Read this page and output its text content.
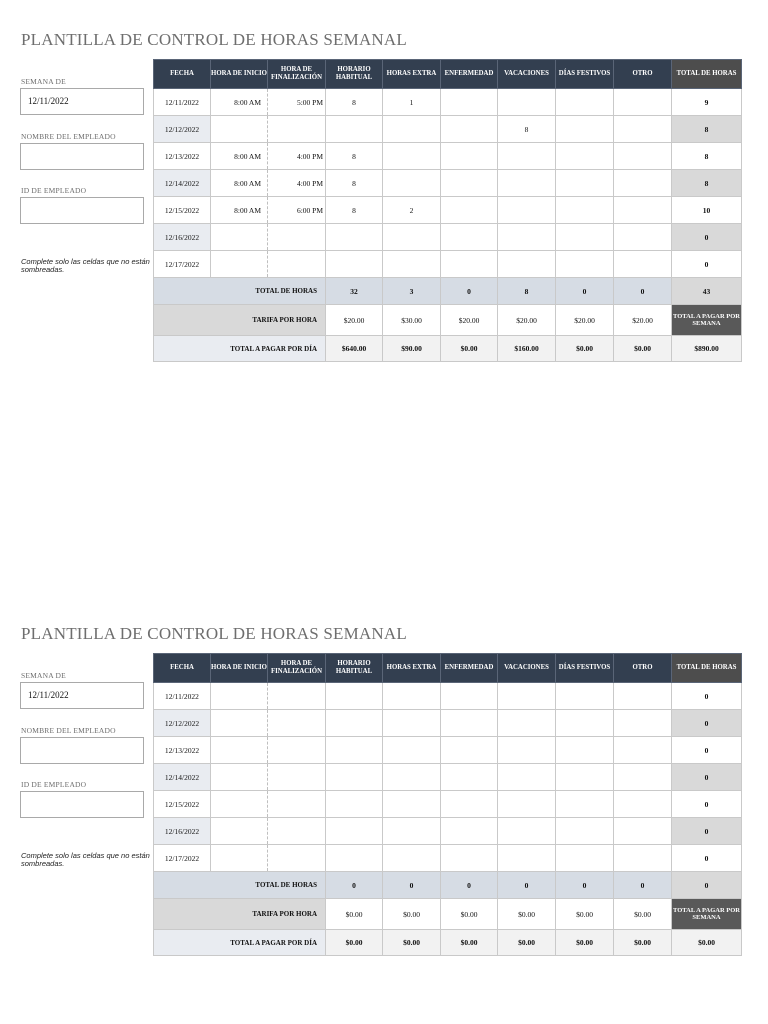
PLANTILLA DE CONTROL DE HORAS SEMANAL
SEMANA DE
12/11/2022
NOMBRE DEL EMPLEADO
ID DE EMPLEADO
Complete solo las celdas que no están sombreadas.
FECHA	HORA DE INICIO	HORA DE FINALIZACIÓN	HORARIO HABITUAL	HORAS EXTRA	ENFERMEDAD	VACACIONES	DÍAS FESTIVOS	OTRO	TOTAL DE HORAS
12/11/2022	8:00 AM	5:00 PM	8	1					9
12/12/2022						8			8
12/13/2022	8:00 AM	4:00 PM	8						8
12/14/2022	8:00 AM	4:00 PM	8						8
12/15/2022	8:00 AM	6:00 PM	8	2					10
12/16/2022									0
12/17/2022									0
TOTAL DE HORAS			32	3	0	8	0	0	43
TARIFA POR HORA			$20.00	$30.00	$20.00	$20.00	$20.00	$20.00	TOTAL A PAGAR POR SEMANA
TOTAL A PAGAR POR DÍA			$640.00	$90.00	$0.00	$160.00	$0.00	$0.00	$890.00
PLANTILLA DE CONTROL DE HORAS SEMANAL
SEMANA DE
12/11/2022
NOMBRE DEL EMPLEADO
ID DE EMPLEADO
Complete solo las celdas que no están sombreadas.
FECHA	HORA DE INICIO	HORA DE FINALIZACIÓN	HORARIO HABITUAL	HORAS EXTRA	ENFERMEDAD	VACACIONES	DÍAS FESTIVOS	OTRO	TOTAL DE HORAS
12/11/2022									0
12/12/2022									0
12/13/2022									0
12/14/2022									0
12/15/2022									0
12/16/2022									0
12/17/2022									0
TOTAL DE HORAS			0	0	0	0	0	0	0
TARIFA POR HORA			$0.00	$0.00	$0.00	$0.00	$0.00	$0.00	TOTAL A PAGAR POR SEMANA
TOTAL A PAGAR POR DÍA			$0.00	$0.00	$0.00	$0.00	$0.00	$0.00	$0.00
